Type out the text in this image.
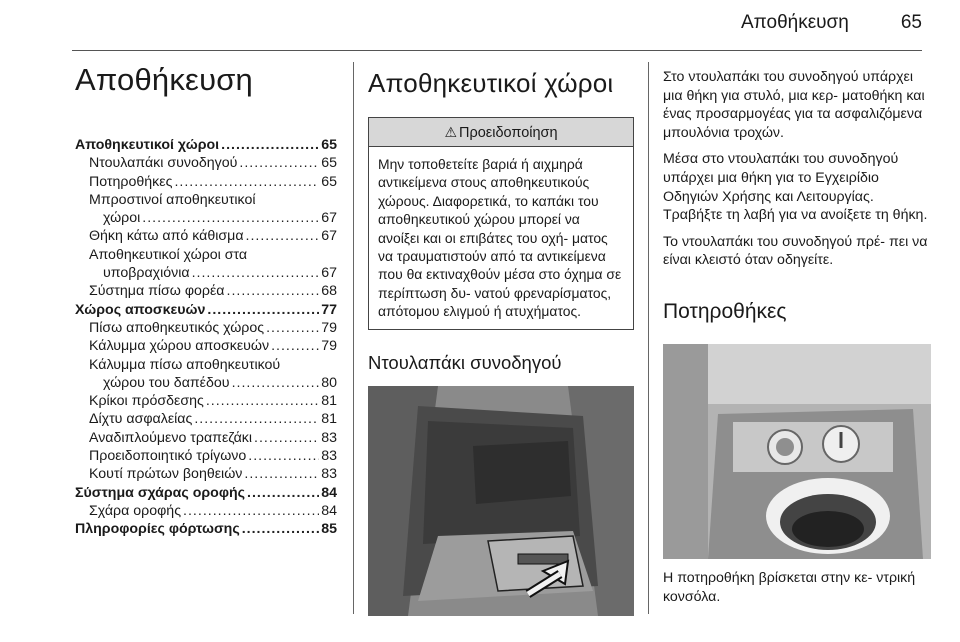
Αποθήκευση	65
Αποθήκευση
Αποθηκευτικοί χώροι .....	65
Ντουλαπάκι συνοδηγού .....	65
Ποτηροθήκες .....	65
Μπροστινοί αποθηκευτικοί
χώροι .....	67
Θήκη κάτω από κάθισμα .....	67
Αποθηκευτικοί χώροι στα
υποβραχιόνια .....	67
Σύστημα πίσω φορέα .....	68
Χώρος αποσκευών .....	77
Πίσω αποθηκευτικός χώρος .....	79
Κάλυμμα χώρου αποσκευών .....	79
Κάλυμμα πίσω αποθηκευτικού
χώρου του δαπέδου .....	80
Κρίκοι πρόσδεσης .....	81
Δίχτυ ασφαλείας .....	81
Αναδιπλούμενο τραπεζάκι .....	83
Προειδοποιητικό τρίγωνο .....	83
Κουτί πρώτων βοηθειών .....	83
Σύστημα σχάρας οροφής .....	84
Σχάρα οροφής .....	84
Πληροφορίες φόρτωσης .....	85
Αποθηκευτικοί χώροι
⚠ Προειδοποίηση
Μην τοποθετείτε βαριά ή αιχμηρά αντικείμενα στους αποθηκευτικούς χώρους. Διαφορετικά, το καπάκι του αποθηκευτικού χώρου μπορεί να ανοίξει και οι επιβάτες του οχή- ματος να τραυματιστούν από τα αντικείμενα που θα εκτιναχθούν μέσα στο όχημα σε περίπτωση δυ- νατού φρεναρίσματος, απότομου ελιγμού ή ατυχήματος.
Ντουλαπάκι συνοδηγού

Στο ντουλαπάκι του συνοδηγού υπάρχει μια θήκη για στυλό, μια κερ- ματοθήκη και ένας προσαρμογέας για τα ασφαλιζόμενα μπουλόνια τροχών.

Μέσα στο ντουλαπάκι του συνοδηγού υπάρχει μια θήκη για το Εγχειρίδιο Οδηγιών Χρήσης και Λειτουργίας. Τραβήξτε τη λαβή για να ανοίξετε τη θήκη.

Το ντουλαπάκι του συνοδηγού πρέ- πει να είναι κλειστό όταν οδηγείτε.

Ποτηροθήκες

Η ποτηροθήκη βρίσκεται στην κε- ντρική κονσόλα.
